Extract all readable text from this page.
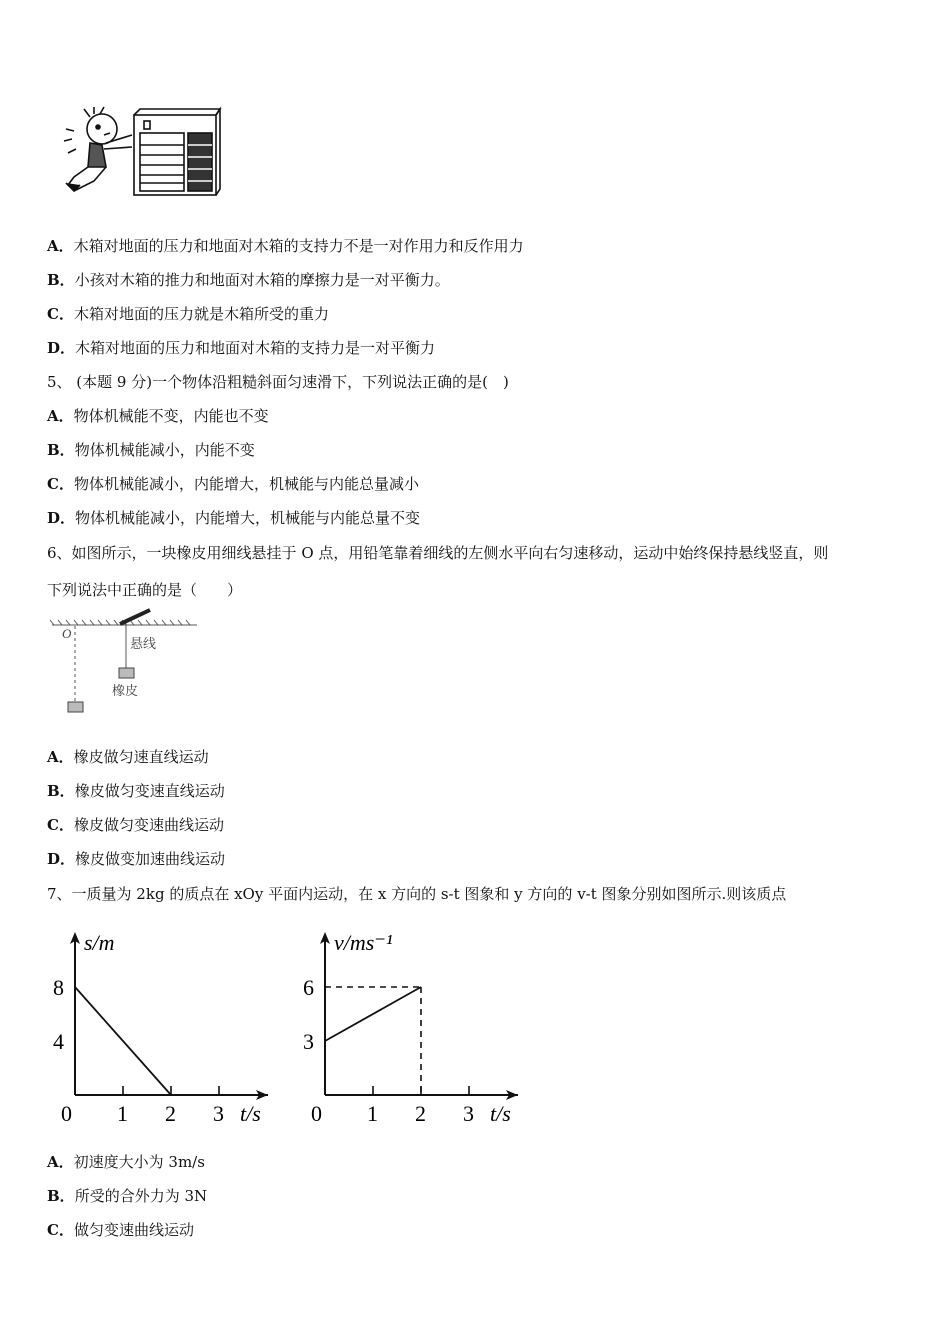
A．木箱对地面的压力和地面对木箱的支持力不是一对作用力和反作用力
B．小孩对木箱的推力和地面对木箱的摩擦力是一对平衡力。
C．木箱对地面的压力就是木箱所受的重力
D．木箱对地面的压力和地面对木箱的支持力是一对平衡力
5、 (本题 9 分)一个物体沿粗糙斜面匀速滑下，下列说法正确的是(　)
A．物体机械能不变，内能也不变
B．物体机械能减小，内能不变
C．物体机械能减小，内能增大，机械能与内能总量减小
D．物体机械能减小，内能增大，机械能与内能总量不变
6、如图所示，一块橡皮用细线悬挂于 O 点，用铅笔靠着细线的左侧水平向右匀速移动，运动中始终保持悬线竖直，则
下列说法中正确的是（　　）
O
悬线
橡皮
A．橡皮做匀速直线运动
B．橡皮做匀变速直线运动
C．橡皮做匀变速曲线运动
D．橡皮做变加速曲线运动
7、一质量为 2kg 的质点在 xOy 平面内运动，在 x 方向的 s-t 图象和 y 方向的 v-t 图象分别如图所示.则该质点
s/m
t/s
0 1 2 3
4
8
v/ms⁻¹
t/s
0 1 2 3
3
6
A．初速度大小为 3m/s
B．所受的合外力为 3N
C．做匀变速曲线运动
